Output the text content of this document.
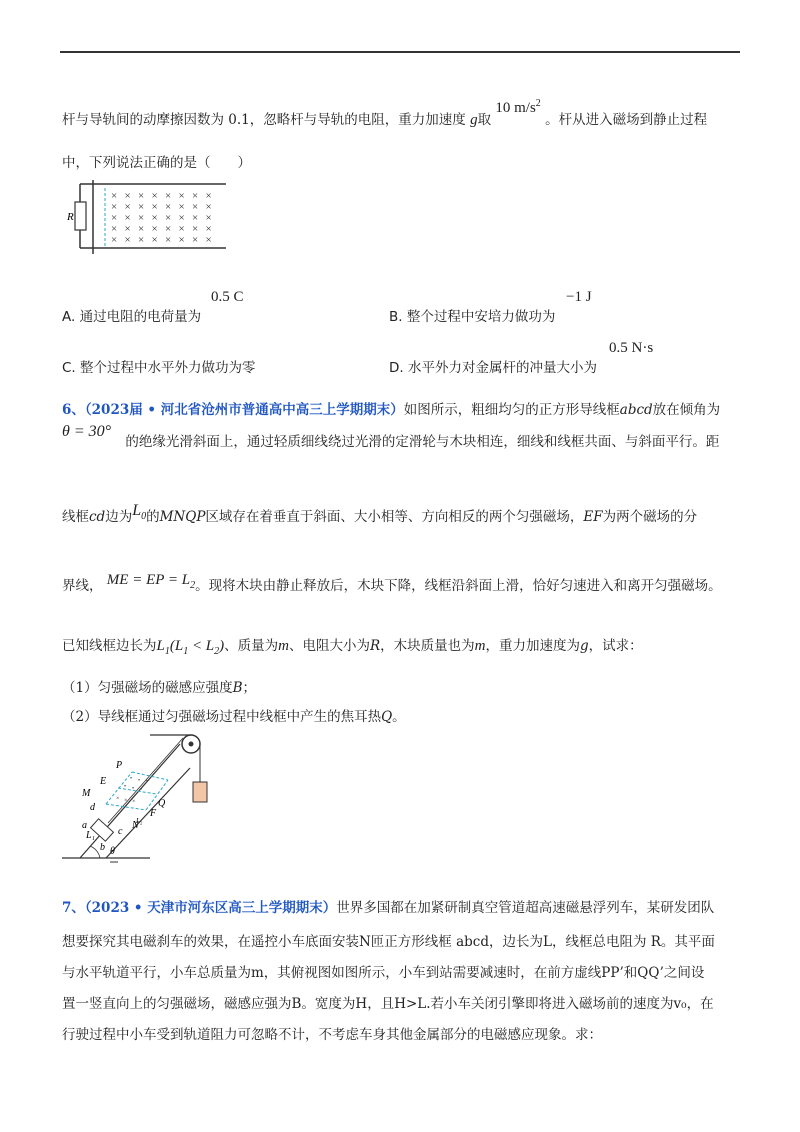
杆与导轨间的动摩擦因数为 0.1，忽略杆与导轨的电阻，重力加速度 g取 10 $m/s^2$ 。杆从进入磁场到静止过程
中，下列说法正确的是（　　）
R
× × × × × × × ×
× × × × × × × ×
× × × × × × × ×
× × × × × × × ×
× × × × × × × ×
A. 通过电阻的电荷量为
0.5 C
B. 整个过程中安培力做功为
−1 J
C. 整个过程中水平外力做功为零	D. 水平外力对金属杆的冲量大小为
0.5 N·s
6、（2023届 • 河北省沧州市普通高中高三上学期期末）如图所示，粗细均匀的正方形导线框abcd放在倾角为
θ = 30° 的绝缘光滑斜面上，通过轻质细线绕过光滑的定滑轮与木块相连，细线和线框共面、与斜面平行。距
线框cd边为$L_0$的MNQP区域存在着垂直于斜面、大小相等、方向相反的两个匀强磁场，EF为两个磁场的分
界线， ME = EP = $L_2$。现将木块由静止释放后，木块下降，线框沿斜面上滑，恰好匀速进入和离开匀强磁场。
已知线框边长为$L_1(L_1 < L_2)$、质量为m、电阻大小为R，木块质量也为m，重力加速度为g，试求：
（1）匀强磁场的磁感应强度B；
（2）导线框通过匀强磁场过程中线框中产生的焦耳热Q。
• • •
• • •
× × ×
P
E
M
a
d	Q
F
N
L₁ c
b
L₂
θ
7、（2023 • 天津市河东区高三上学期期末）世界多国都在加紧研制真空管道超高速磁悬浮列车，某研发团队
想要探究其电磁刹车的效果，在遥控小车底面安装N匝正方形线框 abcd，边长为L，线框总电阻为 R。其平面
与水平轨道平行，小车总质量为m，其俯视图如图所示，小车到站需要减速时，在前方虚线PP’和QQ’之间设
置一竖直向上的匀强磁场，磁感应强为B。宽度为H，且H>L.若小车关闭引擎即将进入磁场前的速度为v₀，在
行驶过程中小车受到轨道阻力可忽略不计，不考虑车身其他金属部分的电磁感应现象。求：
